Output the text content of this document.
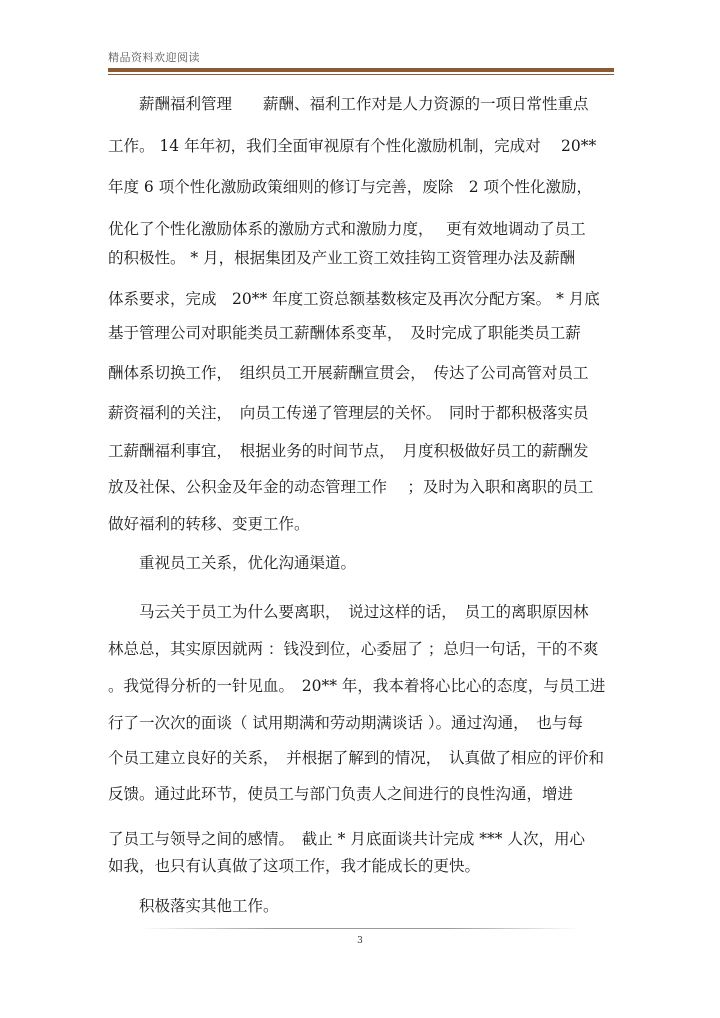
精品资料欢迎阅读
　　薪酬福利管理　　薪酬、福利工作对是人力资源的一项日常性重点
工作。 14 年年初，我们全面审视原有个性化激励机制，完成对　 20**
年度 6 项个性化激励政策细则的修订与完善，废除　2 项个性化激励，
优化了个性化激励体系的激励方式和激励力度，　 更有效地调动了员工
的积极性。 * 月，根据集团及产业工资工效挂钩工资管理办法及薪酬
体系要求，完成　20** 年度工资总额基数核定及再次分配方案。 * 月底
基于管理公司对职能类员工薪酬体系变革，　及时完成了职能类员工薪
酬体系切换工作，　组织员工开展薪酬宣贯会，　传达了公司高管对员工
薪资福利的关注，　向员工传递了管理层的关怀。　同时于都积极落实员
工薪酬福利事宜，　根据业务的时间节点，　月度积极做好员工的薪酬发
放及社保、公积金及年金的动态管理工作　 ；及时为入职和离职的员工
做好福利的转移、变更工作。
　　重视员工关系，优化沟通渠道。
　　马云关于员工为什么要离职，　说过这样的话，　员工的离职原因林
林总总，其实原因就两 ：钱没到位，心委屈了 ；总归一句话，干的不爽
。我觉得分析的一针见血。　20** 年，我本着将心比心的态度，与员工进
行了一次次的面谈（ 试用期满和劳动期满谈话 ）。通过沟通，　也与每
个员工建立良好的关系，　并根据了解到的情况，　认真做了相应的评价和
反馈。通过此环节，使员工与部门负责人之间进行的良性沟通，增进
了员工与领导之间的感情。　截止 * 月底面谈共计完成 *** 人次，用心
如我，也只有认真做了这项工作，我才能成长的更快。
　　积极落实其他工作。
3
